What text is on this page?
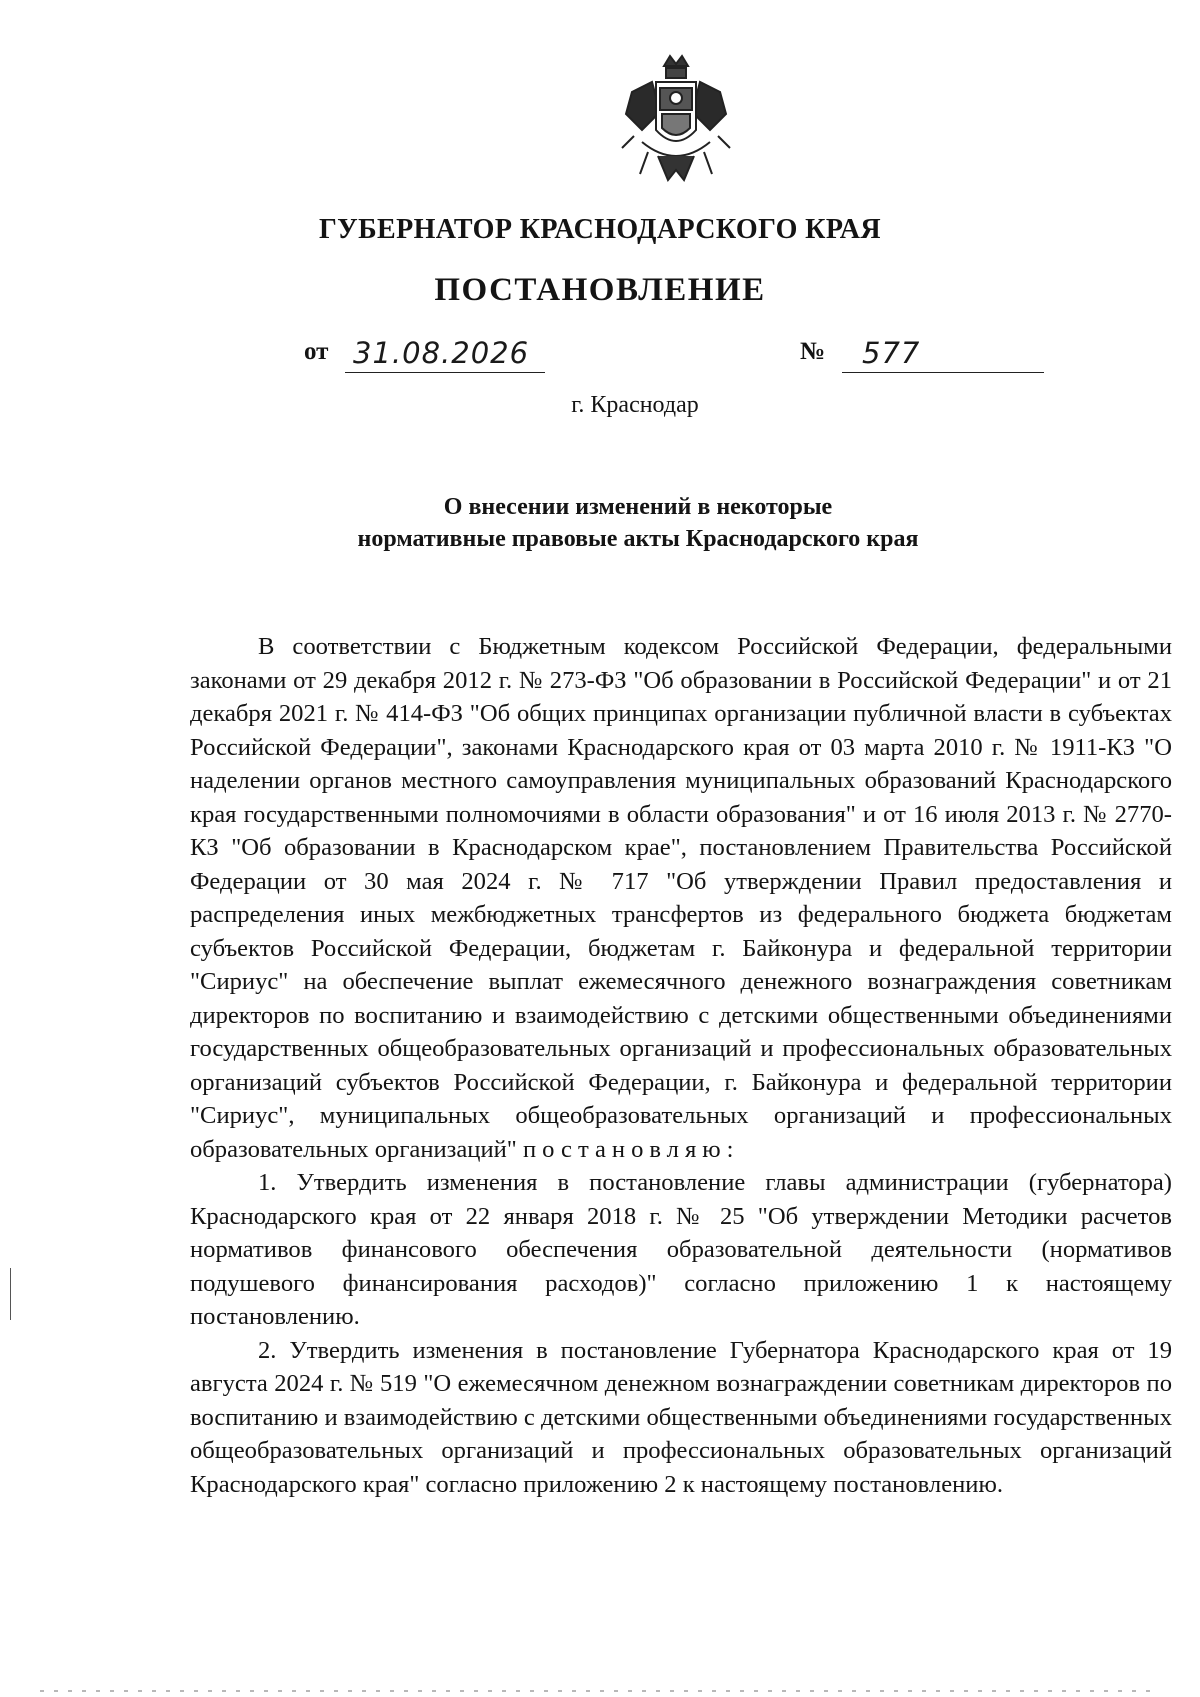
ГУБЕРНАТОР КРАСНОДАРСКОГО КРАЯ
ПОСТАНОВЛЕНИЕ
от 31.08.2026	№ 577
г. Краснодар
О внесении изменений в некоторые
нормативные правовые акты Краснодарского края

В соответствии с Бюджетным кодексом Российской Федерации, федеральными законами от 29 декабря 2012 г. № 273-ФЗ "Об образовании в Российской Федерации" и от 21 декабря 2021 г. № 414-ФЗ "Об общих принципах организации публичной власти в субъектах Российской Федерации", законами Краснодарского края от 03 марта 2010 г. № 1911-КЗ "О наделении органов местного самоуправления муниципальных образований Краснодарского края государственными полномочиями в области образования" и от 16 июля 2013 г. № 2770-КЗ "Об образовании в Краснодарском крае", постановлением Правительства Российской Федерации от 30 мая 2024 г. № 717 "Об утверждении Правил предоставления и распределения иных межбюджетных трансфертов из федерального бюджета бюджетам субъектов Российской Федерации, бюджетам г. Байконура и федеральной территории "Сириус" на обеспечение выплат ежемесячного денежного вознаграждения советникам директоров по воспитанию и взаимодействию с детскими общественными объединениями государственных общеобразовательных организаций и профессиональных образовательных организаций субъектов Российской Федерации, г. Байконура и федеральной территории "Сириус", муниципальных общеобразовательных организаций и профессиональных образовательных организаций" постановляю:

1. Утвердить изменения в постановление главы администрации (губернатора) Краснодарского края от 22 января 2018 г. № 25 "Об утверждении Методики расчетов нормативов финансового обеспечения образовательной деятельности (нормативов подушевого финансирования расходов)" согласно приложению 1 к настоящему постановлению.

2. Утвердить изменения в постановление Губернатора Краснодарского края от 19 августа 2024 г. № 519 "О ежемесячном денежном вознаграждении советникам директоров по воспитанию и взаимодействию с детскими общественными объединениями государственных общеобразовательных организаций и профессиональных образовательных организаций Краснодарского края" согласно приложению 2 к настоящему постановлению.
